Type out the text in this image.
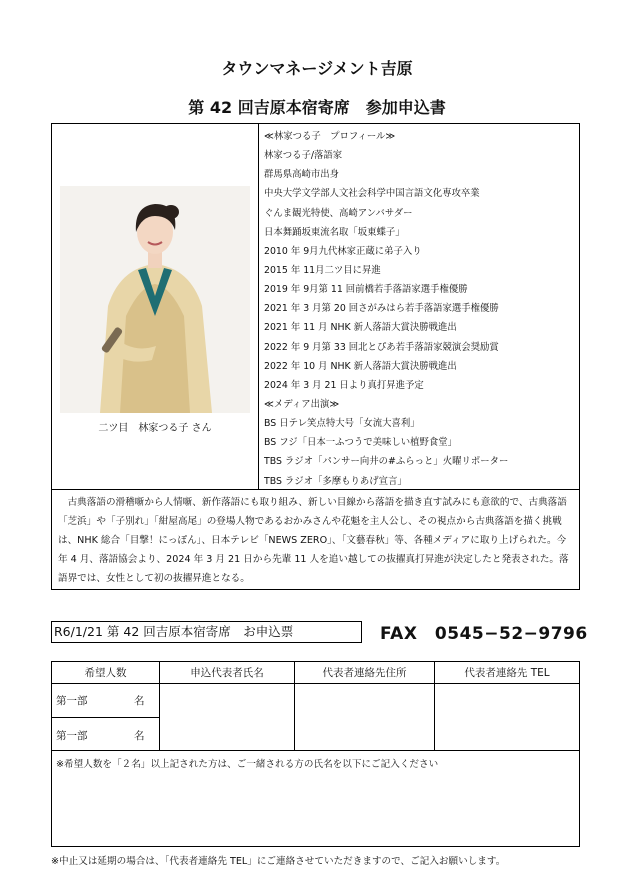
タウンマネージメント吉原
第 42 回吉原本宿寄席　参加申込書
二ツ目　林家つる子 さん
≪林家つる子　プロフィール≫
林家つる子/落語家
群馬県高崎市出身
中央大学文学部人文社会科学中国言語文化専攻卒業
ぐんま観光特使、高崎アンバサダー
日本舞踊坂東流名取「坂東蝶子」
2010 年 9月九代林家正蔵に弟子入り
2015 年 11月二ツ目に昇進
2019 年 9月第 11 回前橋若手落語家選手権優勝
2021 年 3 月第 20 回さがみはら若手落語家選手権優勝
2021 年 11 月 NHK 新人落語大賞決勝戦進出
2022 年 9 月第 33 回北とぴあ若手落語家競演会奨励賞
2022 年 10 月 NHK 新人落語大賞決勝戦進出
2024 年 3 月 21 日より真打昇進予定
≪メディア出演≫
BS 日テレ笑点特大号「女流大喜利」
BS フジ「日本一ふつうで美味しい植野食堂」
TBS ラジオ「パンサー向井の#ふらっと」火曜リポーター
TBS ラジオ「多摩もりあげ宣言」
古典落語の滑稽噺から人情噺、新作落語にも取り組み、新しい目線から落語を描き直す試みにも意欲的で、古典落語「芝浜」や「子別れ」「紺屋高尾」の登場人物であるおかみさんや花魁を主人公し、その視点から古典落語を描く挑戦は、NHK 総合「目撃！にっぽん」、日本テレビ「NEWS ZERO」、「文藝春秋」等、各種メディアに取り上げられた。今年 4 月、落語協会より、2024 年 3 月 21 日から先輩 11 人を追い越しての抜擢真打昇進が決定したと発表された。落語界では、女性として初の抜擢昇進となる。
R6/1/21 第 42 回吉原本宿寄席　お申込票	FAX　0545−52−9796
希望人数	申込代表者氏名	代表者連絡先住所	代表者連絡先 TEL
第一部	名
第一部	名
※希望人数を「２名」以上記された方は、ご一緒される方の氏名を以下にご記入ください
※中止又は延期の場合は、「代表者連絡先 TEL」にご連絡させていただきますので、ご記入お願いします。
